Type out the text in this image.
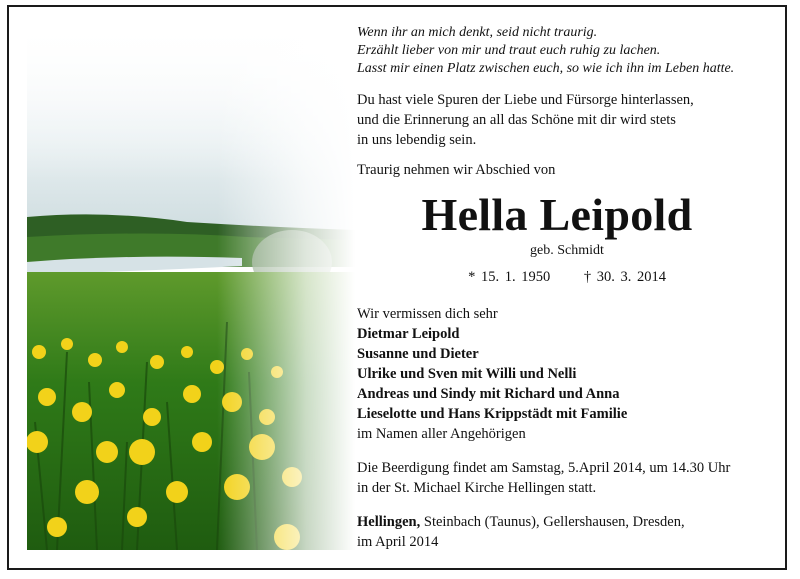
Wenn ihr an mich denkt, seid nicht traurig.
Erzählt lieber von mir und traut euch ruhig zu lachen.
Lasst mir einen Platz zwischen euch, so wie ich ihn im Leben hatte.
Du hast viele Spuren der Liebe und Fürsorge hinterlassen,
und die Erinnerung an all das Schöne mit dir wird stets
in uns lebendig sein.
Traurig nehmen wir Abschied von
Hella Leipold
geb. Schmidt
* 15. 1. 1950 † 30. 3. 2014
Wir vermissen dich sehr
Dietmar Leipold
Susanne und Dieter
Ulrike und Sven mit Willi und Nelli
Andreas und Sindy mit Richard und Anna
Lieselotte und Hans Krippstädt mit Familie
im Namen aller Angehörigen
Die Beerdigung findet am Samstag, 5.April 2014, um 14.30 Uhr
in der St. Michael Kirche Hellingen statt.
Hellingen, Steinbach (Taunus), Gellershausen, Dresden,
im April 2014
